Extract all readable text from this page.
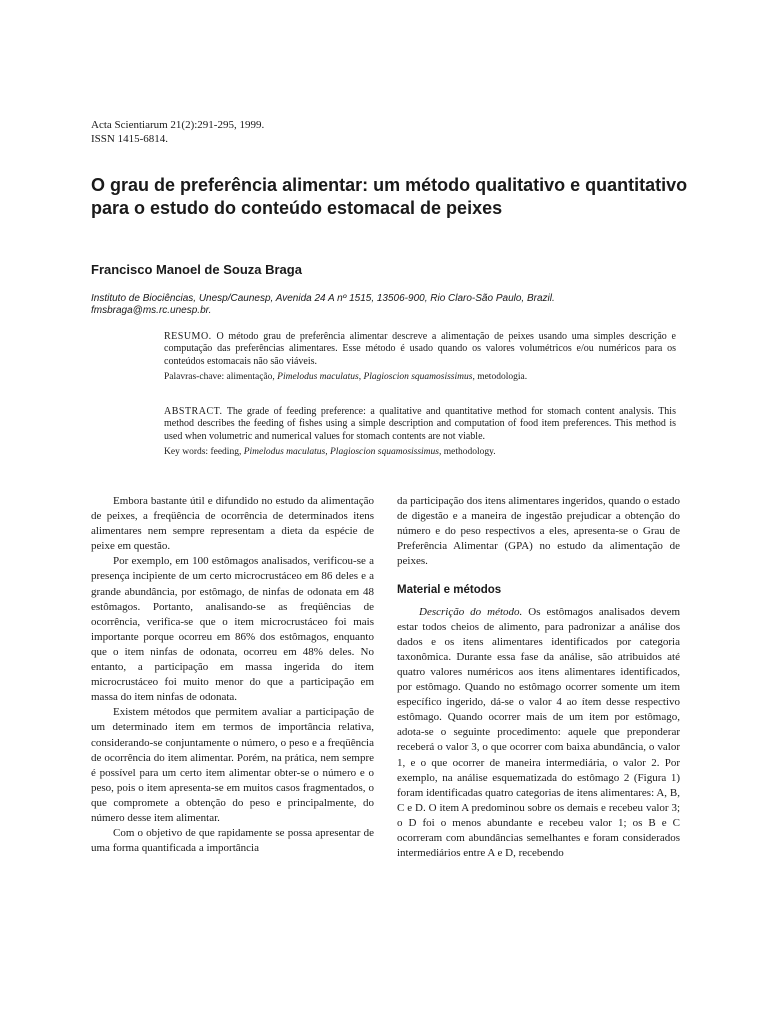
Acta Scientiarum 21(2):291-295, 1999.
ISSN 1415-6814.
O grau de preferência alimentar: um método qualitativo e quantitativo para o estudo do conteúdo estomacal de peixes
Francisco Manoel de Souza Braga
Instituto de Biociências, Unesp/Caunesp, Avenida 24 A nº 1515, 13506-900, Rio Claro-São Paulo, Brazil.
fmsbraga@ms.rc.unesp.br.
RESUMO. O método grau de preferência alimentar descreve a alimentação de peixes usando uma simples descrição e computação das preferências alimentares. Esse método é usado quando os valores volumétricos e/ou numéricos para os conteúdos estomacais não são viáveis.
Palavras-chave: alimentação, Pimelodus maculatus, Plagioscion squamosissimus, metodologia.
ABSTRACT. The grade of feeding preference: a qualitative and quantitative method for stomach content analysis. This method describes the feeding of fishes using a simple description and computation of food item preferences. This method is used when volumetric and numerical values for stomach contents are not viable.
Key words: feeding, Pimelodus maculatus, Plagioscion squamosissimus, methodology.

Embora bastante útil e difundido no estudo da alimentação de peixes, a freqüência de ocorrência de determinados itens alimentares nem sempre representam a dieta da espécie de peixe em questão.

Por exemplo, em 100 estômagos analisados, verificou-se a presença incipiente de um certo microcrustáceo em 86 deles e a grande abundância, por estômago, de ninfas de odonata em 48 estômagos. Portanto, analisando-se as freqüências de ocorrência, verifica-se que o item microcrustáceo foi mais importante porque ocorreu em 86% dos estômagos, enquanto que o item ninfas de odonata, ocorreu em 48% deles. No entanto, a participação em massa ingerida do item microcrustáceo foi muito menor do que a participação em massa do item ninfas de odonata.

Existem métodos que permitem avaliar a participação de um determinado item em termos de importância relativa, considerando-se conjuntamente o número, o peso e a freqüência de ocorrência do item alimentar. Porém, na prática, nem sempre é possível para um certo item alimentar obter-se o número e o peso, pois o item apresenta-se em muitos casos fragmentados, o que compromete a obtenção do peso e principalmente, do número desse item alimentar.

Com o objetivo de que rapidamente se possa apresentar de uma forma quantificada a importância

da participação dos itens alimentares ingeridos, quando o estado de digestão e a maneira de ingestão prejudicar a obtenção do número e do peso respectivos a eles, apresenta-se o Grau de Preferência Alimentar (GPA) no estudo da alimentação de peixes.

Material e métodos

Descrição do método. Os estômagos analisados devem estar todos cheios de alimento, para padronizar a análise dos dados e os itens alimentares identificados por categoria taxonômica. Durante essa fase da análise, são atribuidos até quatro valores numéricos aos itens alimentares identificados, por estômago. Quando no estômago ocorrer somente um item específico ingerido, dá-se o valor 4 ao ítem desse respectivo estômago. Quando ocorrer mais de um item por estômago, adota-se o seguinte procedimento: aquele que preponderar receberá o valor 3, o que ocorrer com baixa abundância, o valor 1, e o que ocorrer de maneira intermediária, o valor 2. Por exemplo, na análise esquematizada do estômago 2 (Figura 1) foram identificadas quatro categorias de itens alimentares: A, B, C e D. O item A predominou sobre os demais e recebeu valor 3; o D foi o menos abundante e recebeu valor 1; os B e C ocorreram com abundâncias semelhantes e foram considerados intermediários entre A e D, recebendo
